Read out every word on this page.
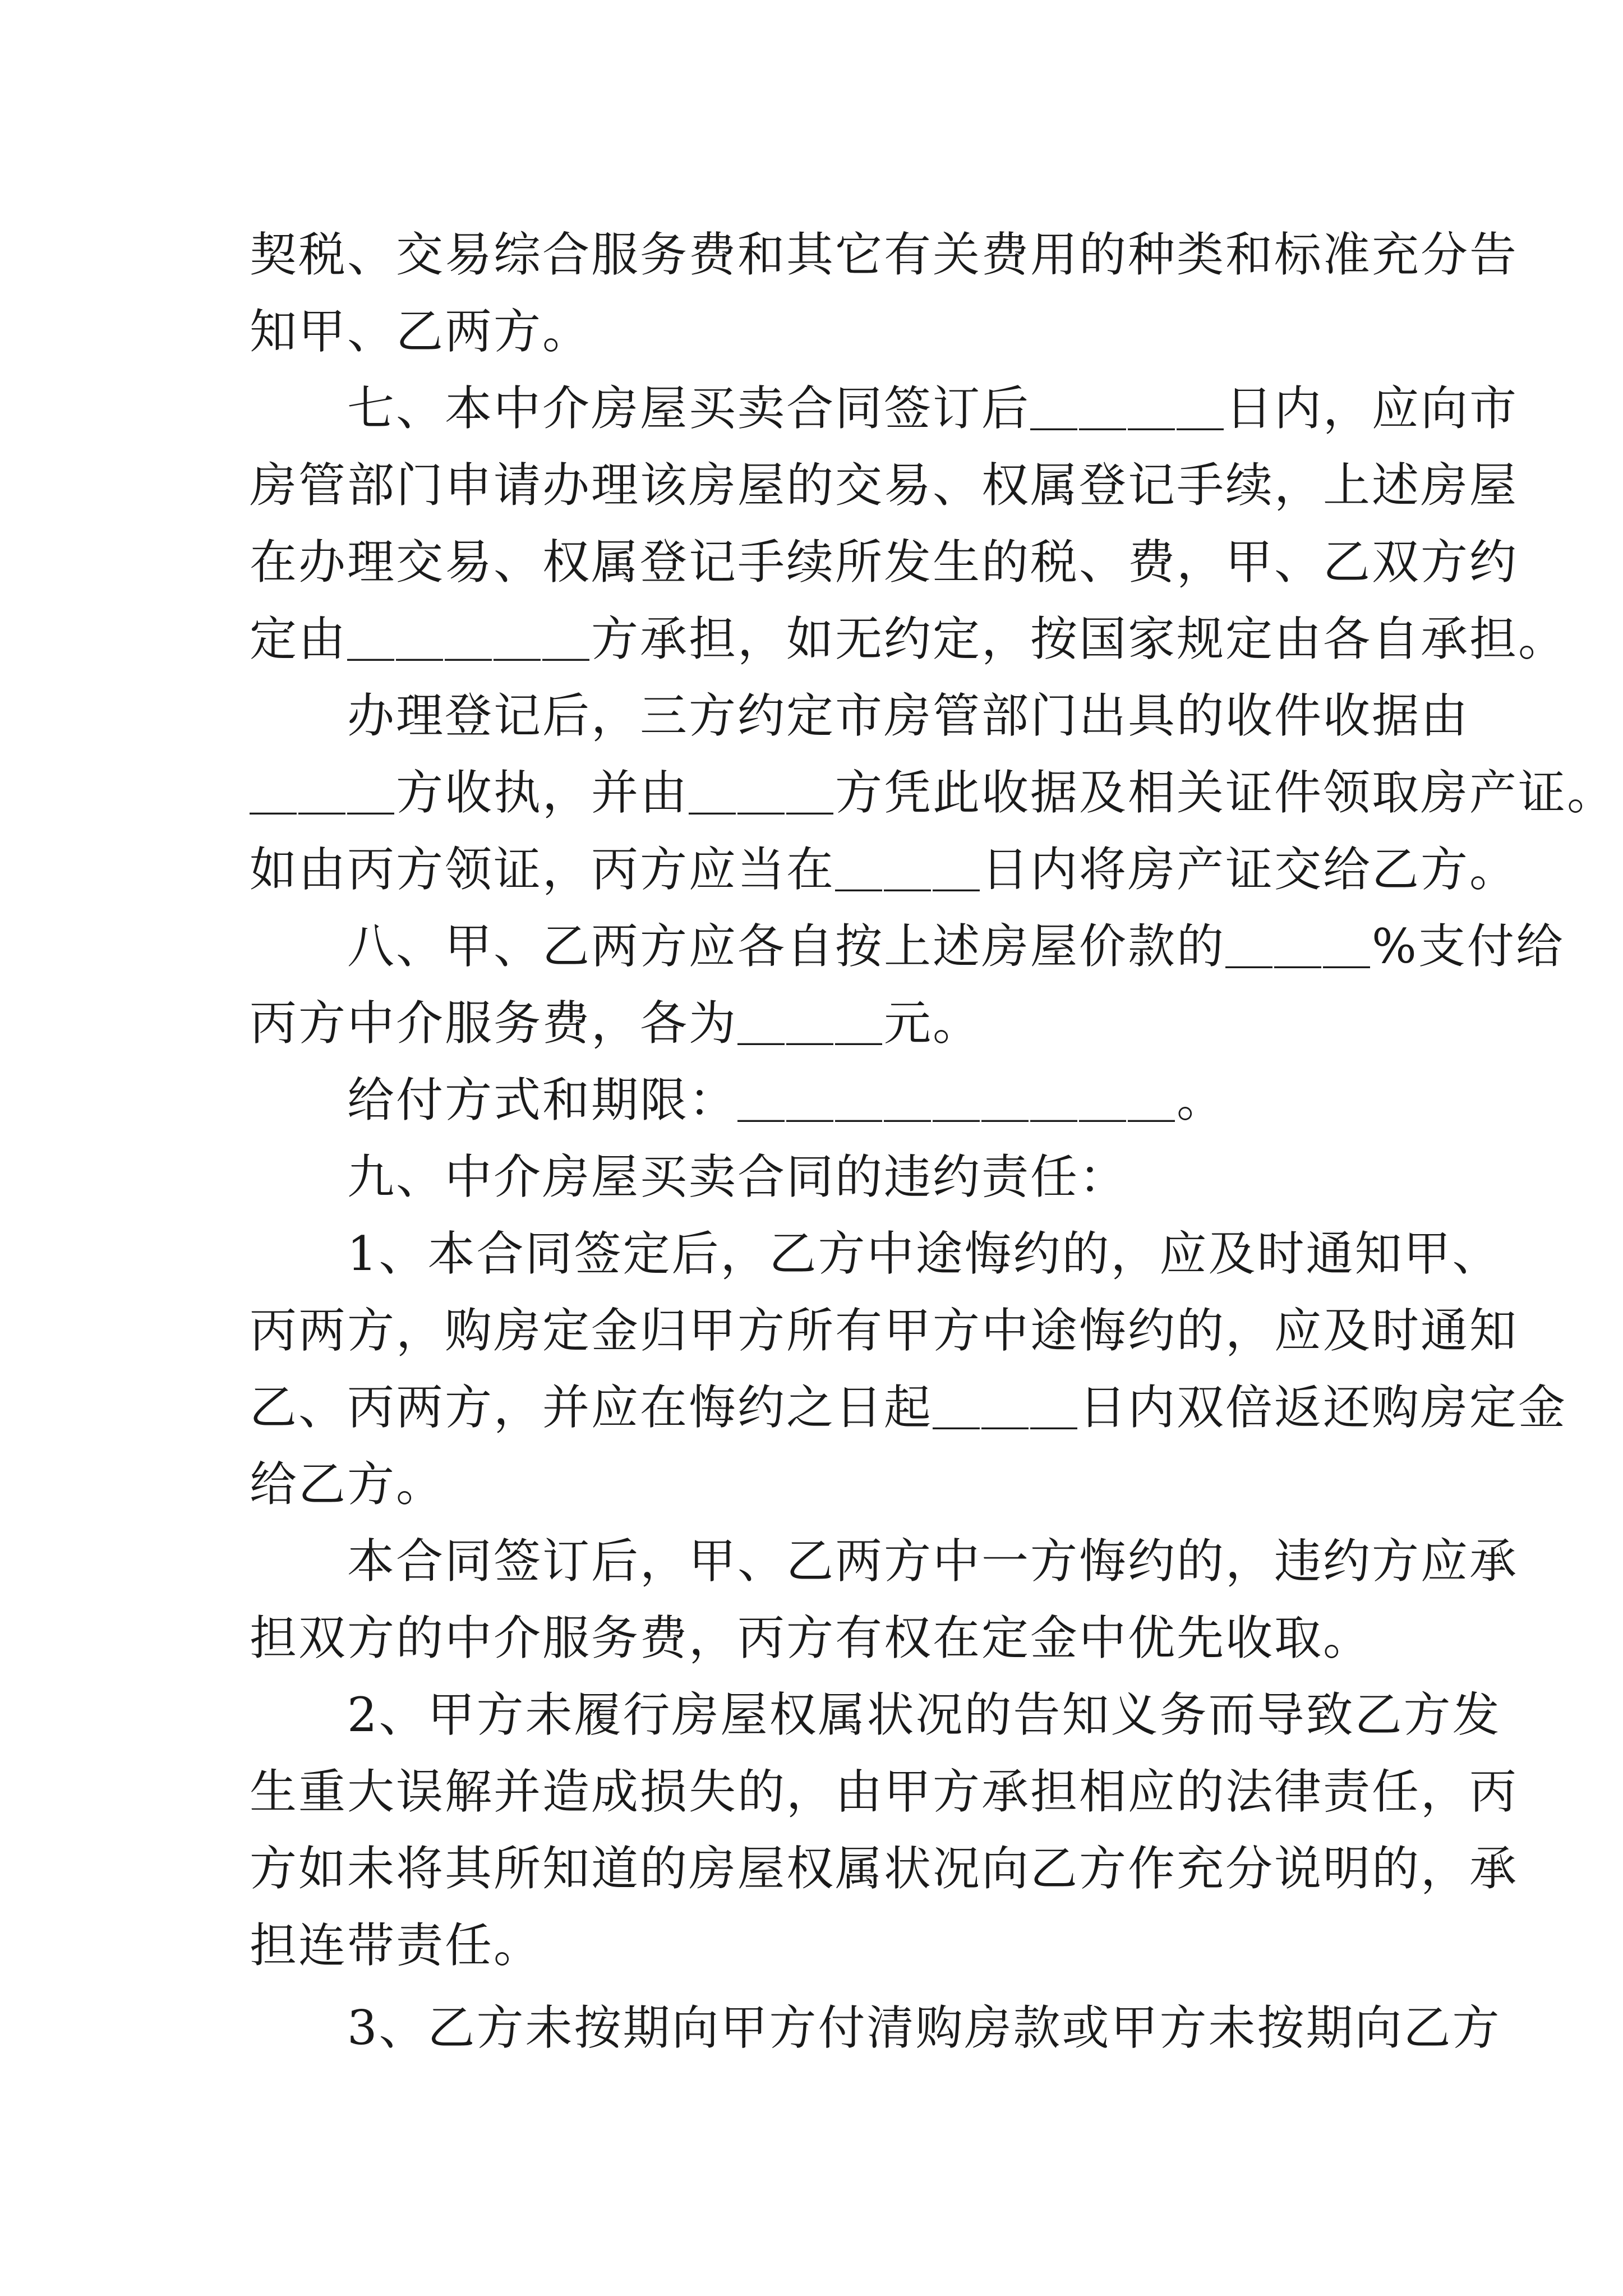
契税、交易综合服务费和其它有关费用的种类和标准充分告
知甲、乙两方。
　　七、本中介房屋买卖合同签订后＿＿＿＿日内，应向市
房管部门申请办理该房屋的交易、权属登记手续，上述房屋
在办理交易、权属登记手续所发生的税、费，甲、乙双方约
定由＿＿＿＿＿方承担，如无约定，按国家规定由各自承担。
　　办理登记后，三方约定市房管部门出具的收件收据由
＿＿＿方收执，并由＿＿＿方凭此收据及相关证件领取房产证。
如由丙方领证，丙方应当在＿＿＿日内将房产证交给乙方。
　　八、甲、乙两方应各自按上述房屋价款的＿＿＿%支付给
丙方中介服务费，各为＿＿＿元。
　　给付方式和期限：＿＿＿＿＿＿＿＿＿。
　　九、中介房屋买卖合同的违约责任：
　　1、本合同签定后，乙方中途悔约的，应及时通知甲、
丙两方，购房定金归甲方所有甲方中途悔约的，应及时通知
乙、丙两方，并应在悔约之日起＿＿＿日内双倍返还购房定金
给乙方。
　　本合同签订后，甲、乙两方中一方悔约的，违约方应承
担双方的中介服务费，丙方有权在定金中优先收取。
　　2、甲方未履行房屋权属状况的告知义务而导致乙方发
生重大误解并造成损失的，由甲方承担相应的法律责任，丙
方如未将其所知道的房屋权属状况向乙方作充分说明的，承
担连带责任。
　　3、乙方未按期向甲方付清购房款或甲方未按期向乙方
